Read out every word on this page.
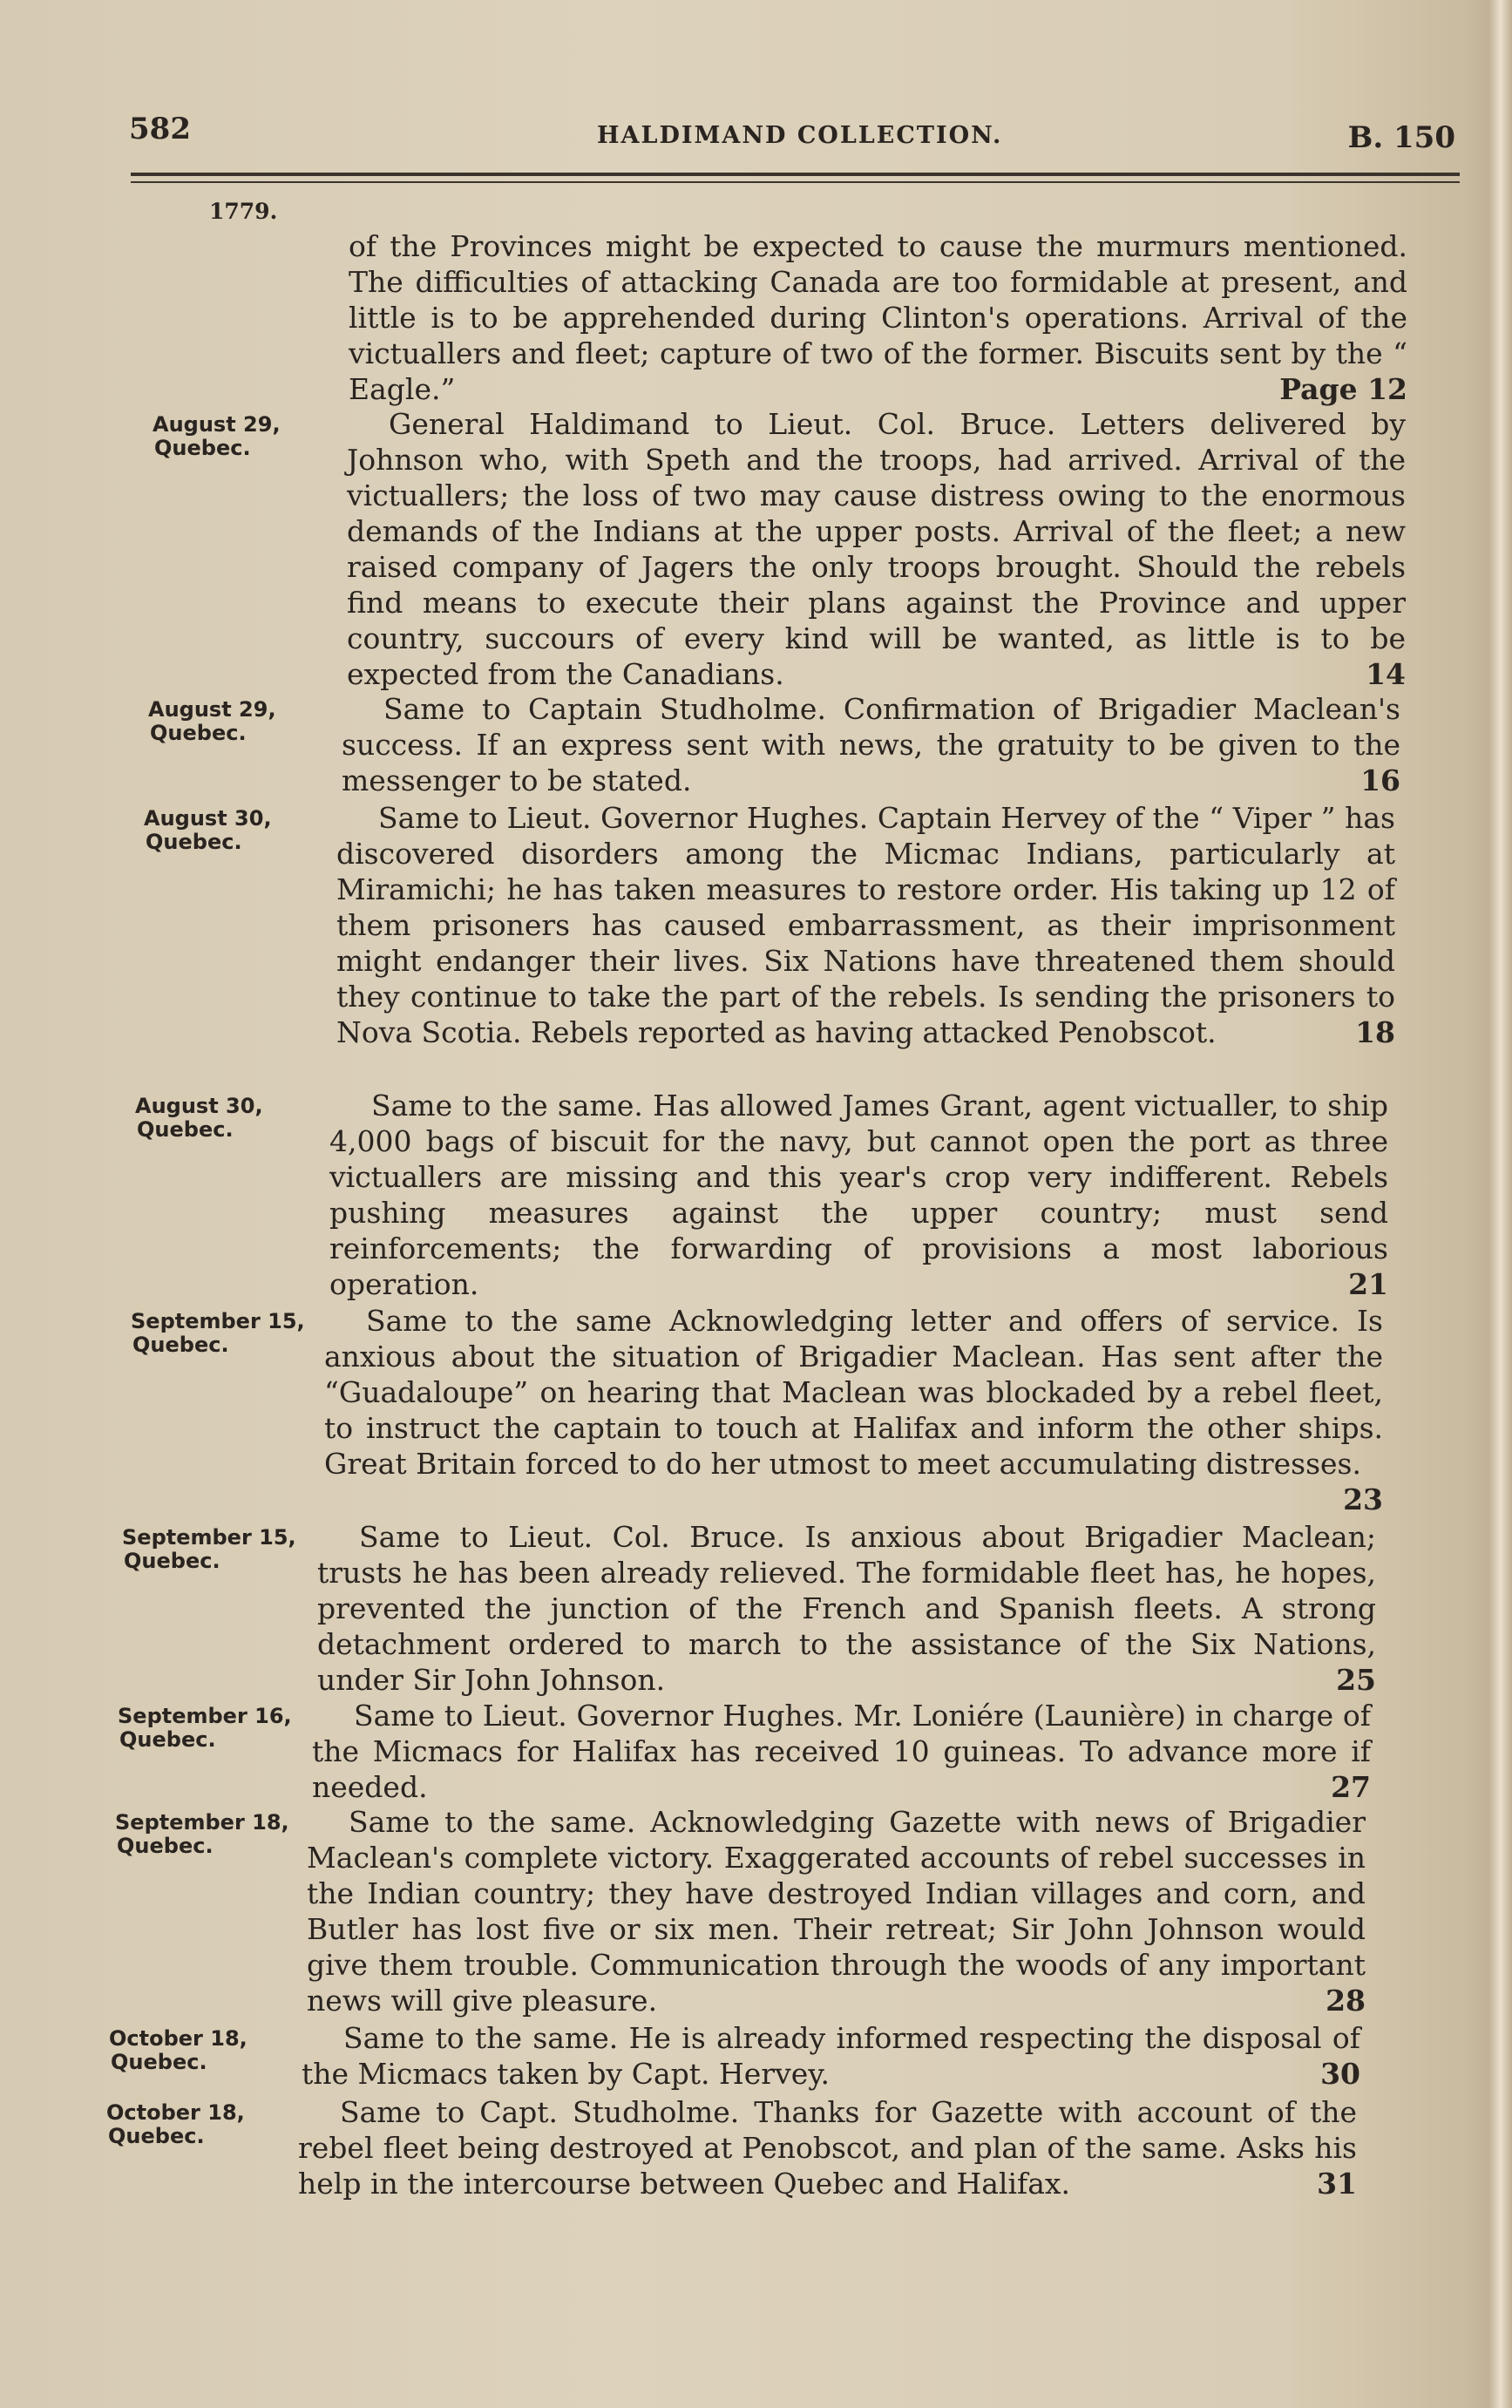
582	HALDIMAND COLLECTION.	B. 150
1779.
of the Provinces might be expected to cause the murmurs mentioned. The difficulties of attacking Canada are too formidable at present, and little is to be apprehended during Clinton's operations. Arrival of the victuallers and fleet; capture of two of the former. Biscuits sent by the “ Eagle.”	Page 12
August 29,
Quebec.
General Haldimand to Lieut. Col. Bruce. Letters delivered by Johnson who, with Speth and the troops, had arrived. Arrival of the victuallers; the loss of two may cause distress owing to the enormous demands of the Indians at the upper posts. Arrival of the fleet; a new raised company of Jagers the only troops brought. Should the rebels find means to execute their plans against the Province and upper country, succours of every kind will be wanted, as little is to be expected from the Canadians.	14
August 29,
Quebec.
Same to Captain Studholme. Confirmation of Brigadier Maclean's success. If an express sent with news, the gratuity to be given to the messenger to be stated.	16
August 30,
Quebec.
Same to Lieut. Governor Hughes. Captain Hervey of the “ Viper ” has discovered disorders among the Micmac Indians, particularly at Miramichi; he has taken measures to restore order. His taking up 12 of them prisoners has caused embarrassment, as their imprisonment might endanger their lives. Six Nations have threatened them should they continue to take the part of the rebels. Is sending the prisoners to Nova Scotia. Rebels reported as having attacked Penobscot.	18
August 30,
Quebec.
Same to the same. Has allowed James Grant, agent victualler, to ship 4,000 bags of biscuit for the navy, but cannot open the port as three victuallers are missing and this year's crop very indifferent. Rebels pushing measures against the upper country; must send reinforcements; the forwarding of provisions a most laborious operation.	21
September 15,
Quebec.
Same to the same Acknowledging letter and offers of service. Is anxious about the situation of Brigadier Maclean. Has sent after the “Guadaloupe” on hearing that Maclean was blockaded by a rebel fleet, to instruct the captain to touch at Halifax and inform the other ships. Great Britain forced to do her utmost to meet accumulating distresses.
23
September 15,
Quebec.
Same to Lieut. Col. Bruce. Is anxious about Brigadier Maclean; trusts he has been already relieved. The formidable fleet has, he hopes, prevented the junction of the French and Spanish fleets. A strong detachment ordered to march to the assistance of the Six Nations, under Sir John Johnson.	25
September 16,
Quebec.
Same to Lieut. Governor Hughes. Mr. Loniére (Launière) in charge of the Micmacs for Halifax has received 10 guineas. To advance more if needed.	27
September 18,
Quebec.
Same to the same. Acknowledging Gazette with news of Brigadier Maclean's complete victory. Exaggerated accounts of rebel successes in the Indian country; they have destroyed Indian villages and corn, and Butler has lost five or six men. Their retreat; Sir John Johnson would give them trouble. Communication through the woods of any important news will give pleasure.	28
October 18,
Quebec.
Same to the same. He is already informed respecting the disposal of the Micmacs taken by Capt. Hervey.	30
October 18,
Quebec.
Same to Capt. Studholme. Thanks for Gazette with account of the rebel fleet being destroyed at Penobscot, and plan of the same. Asks his help in the intercourse between Quebec and Halifax.	31
